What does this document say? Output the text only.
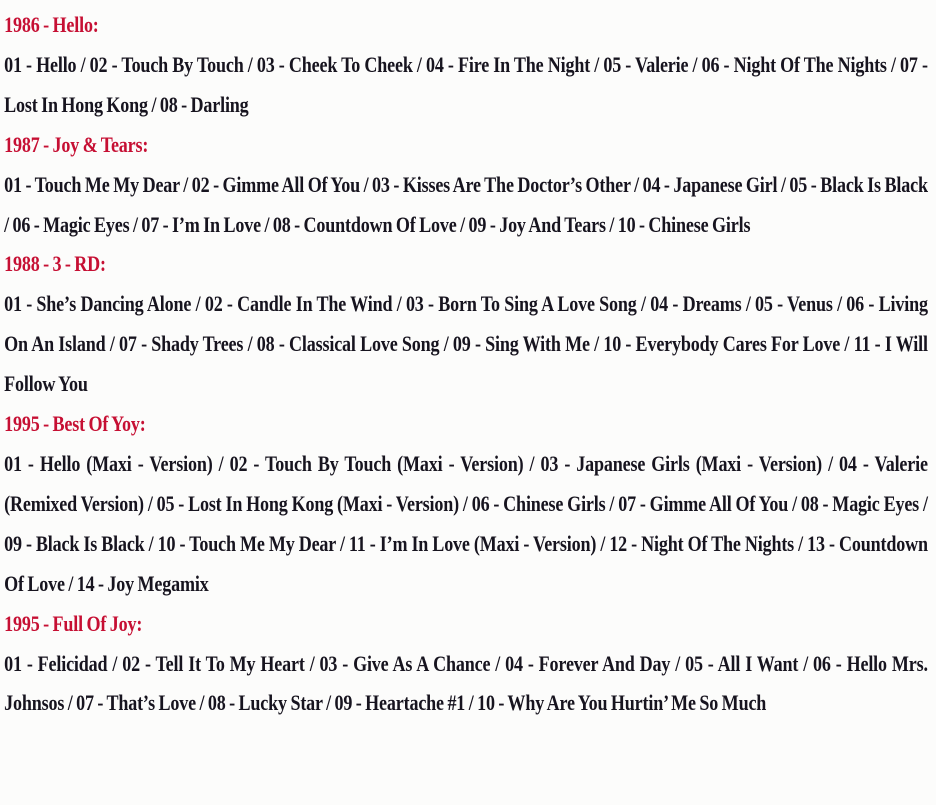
1986 - Hello:
01 - Hello / 02 - Touch By Touch / 03 - Cheek To Cheek / 04 - Fire In The Night / 05 - Valerie / 06 - Night Of The Nights / 07 - Lost In Hong Kong / 08 - Darling
1987 - Joy & Tears:
01 - Touch Me My Dear / 02 - Gimme All Of You / 03 - Kisses Are The Doctor’s Other / 04 - Japanese Girl / 05 - Black Is Black / 06 - Magic Eyes / 07 - I’m In Love / 08 - Countdown Of Love / 09 - Joy And Tears / 10 - Chinese Girls
1988 - 3 - RD:
01 - She’s Dancing Alone / 02 - Candle In The Wind / 03 - Born To Sing A Love Song / 04 - Dreams / 05 - Venus / 06 - Living On An Island / 07 - Shady Trees / 08 - Classical Love Song / 09 - Sing With Me / 10 - Everybody Cares For Love / 11 - I Will Follow You
1995 - Best Of Yoy:
01 - Hello (Maxi - Version) / 02 - Touch By Touch (Maxi - Version) / 03 - Japanese Girls (Maxi - Version) / 04 - Valerie (Remixed Version) / 05 - Lost In Hong Kong (Maxi - Version) / 06 - Chinese Girls / 07 - Gimme All Of You / 08 - Magic Eyes / 09 - Black Is Black / 10 - Touch Me My Dear / 11 - I’m In Love (Maxi - Version) / 12 - Night Of The Nights / 13 - Countdown Of Love / 14 - Joy Megamix
1995 - Full Of Joy:
01 - Felicidad / 02 - Tell It To My Heart / 03 - Give As A Chance / 04 - Forever And Day / 05 - All I Want / 06 - Hello Mrs. Johnsos / 07 - That’s Love / 08 - Lucky Star / 09 - Heartache #1 / 10 - Why Are You Hurtin’ Me So Much
